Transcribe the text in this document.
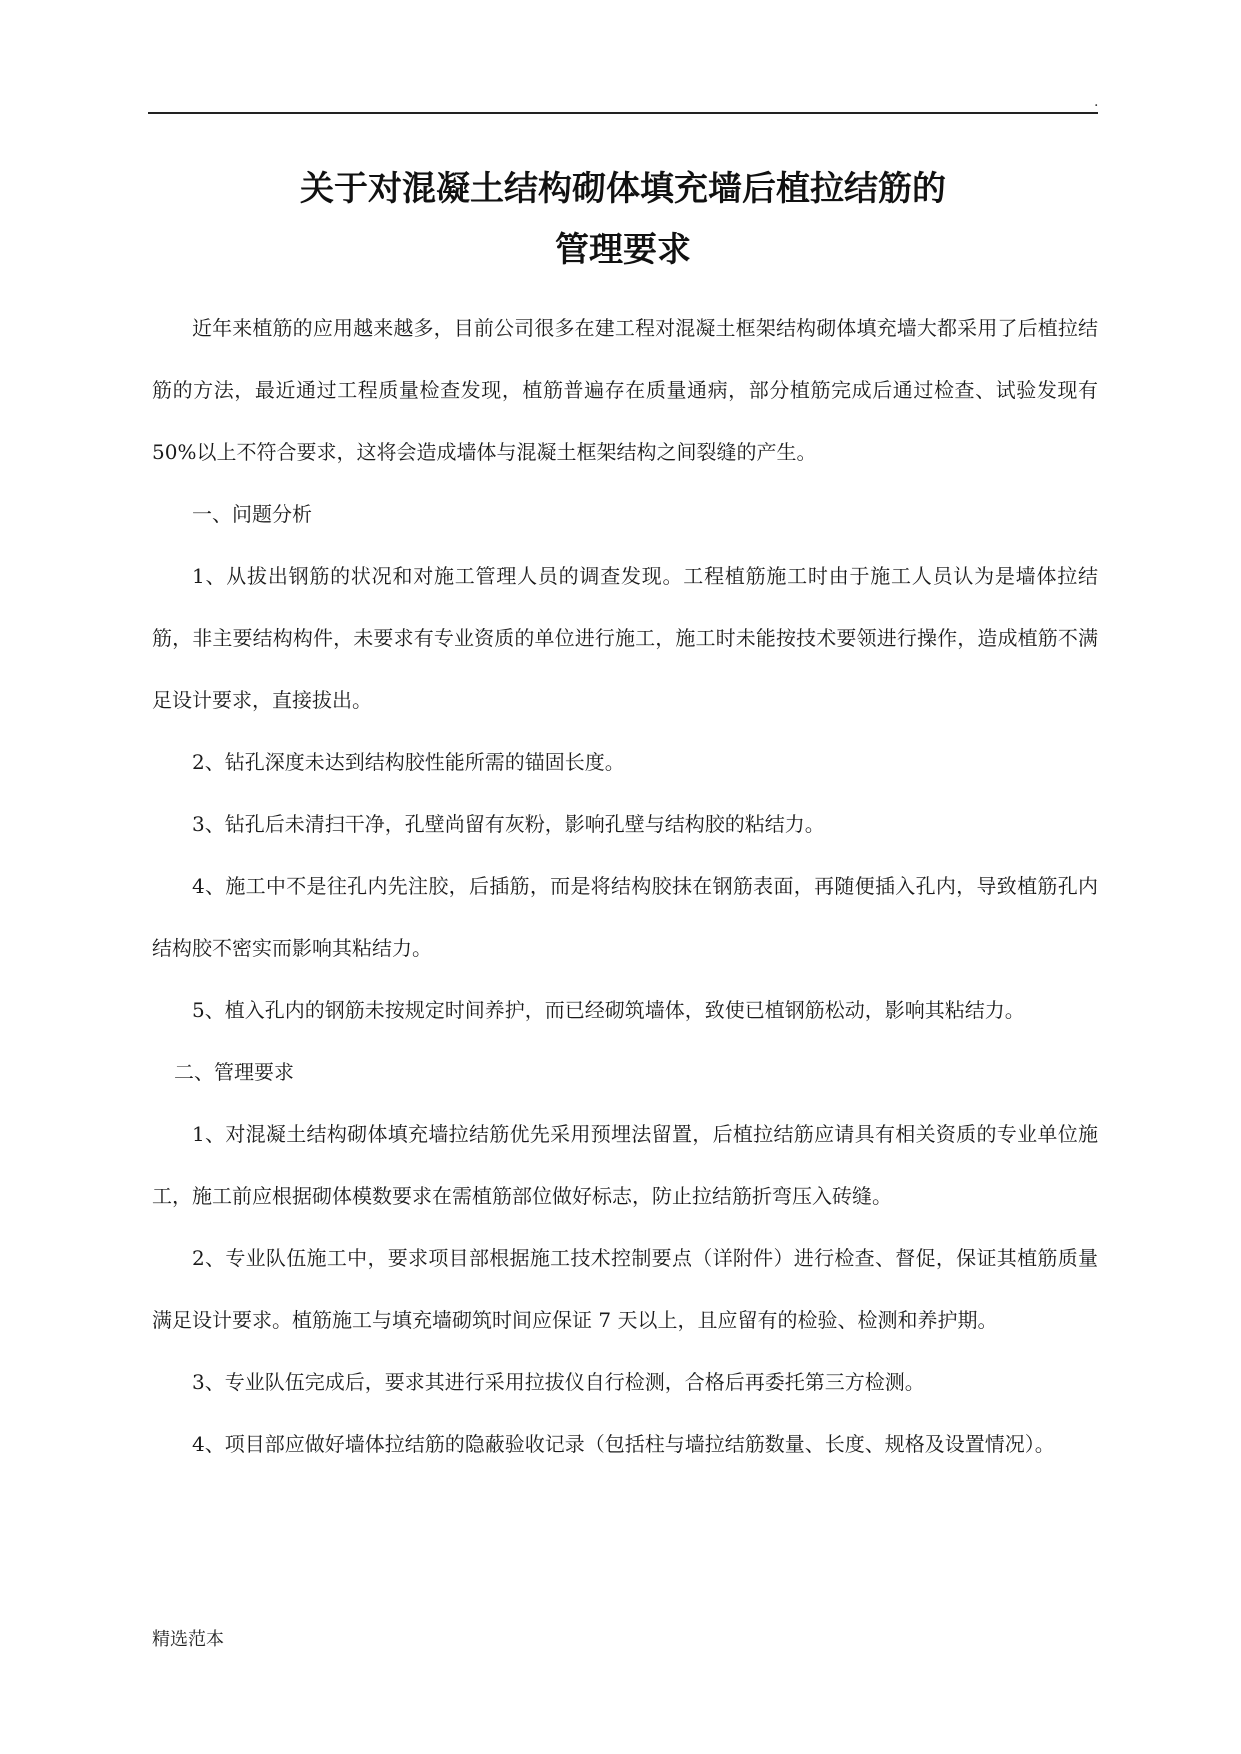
.
关于对混凝土结构砌体填充墙后植拉结筋的
管理要求

近年来植筋的应用越来越多，目前公司很多在建工程对混凝土框架结构砌体填充墙大都采用了后植拉结筋的方法，最近通过工程质量检查发现，植筋普遍存在质量通病，部分植筋完成后通过检查、试验发现有 50%以上不符合要求，这将会造成墙体与混凝土框架结构之间裂缝的产生。

一、问题分析

1、从拔出钢筋的状况和对施工管理人员的调查发现。工程植筋施工时由于施工人员认为是墙体拉结筋，非主要结构构件，未要求有专业资质的单位进行施工，施工时未能按技术要领进行操作，造成植筋不满足设计要求，直接拔出。

2、钻孔深度未达到结构胶性能所需的锚固长度。

3、钻孔后未清扫干净，孔壁尚留有灰粉，影响孔壁与结构胶的粘结力。

4、施工中不是往孔内先注胶，后插筋，而是将结构胶抹在钢筋表面，再随便插入孔内，导致植筋孔内结构胶不密实而影响其粘结力。

5、植入孔内的钢筋未按规定时间养护，而已经砌筑墙体，致使已植钢筋松动，影响其粘结力。

二、管理要求

1、对混凝土结构砌体填充墙拉结筋优先采用预埋法留置，后植拉结筋应请具有相关资质的专业单位施工，施工前应根据砌体模数要求在需植筋部位做好标志，防止拉结筋折弯压入砖缝。

2、专业队伍施工中，要求项目部根据施工技术控制要点（详附件）进行检查、督促，保证其植筋质量满足设计要求。植筋施工与填充墙砌筑时间应保证 7 天以上，且应留有的检验、检测和养护期。

3、专业队伍完成后，要求其进行采用拉拔仪自行检测，合格后再委托第三方检测。

4、项目部应做好墙体拉结筋的隐蔽验收记录（包括柱与墙拉结筋数量、长度、规格及设置情况）。

精选范本
